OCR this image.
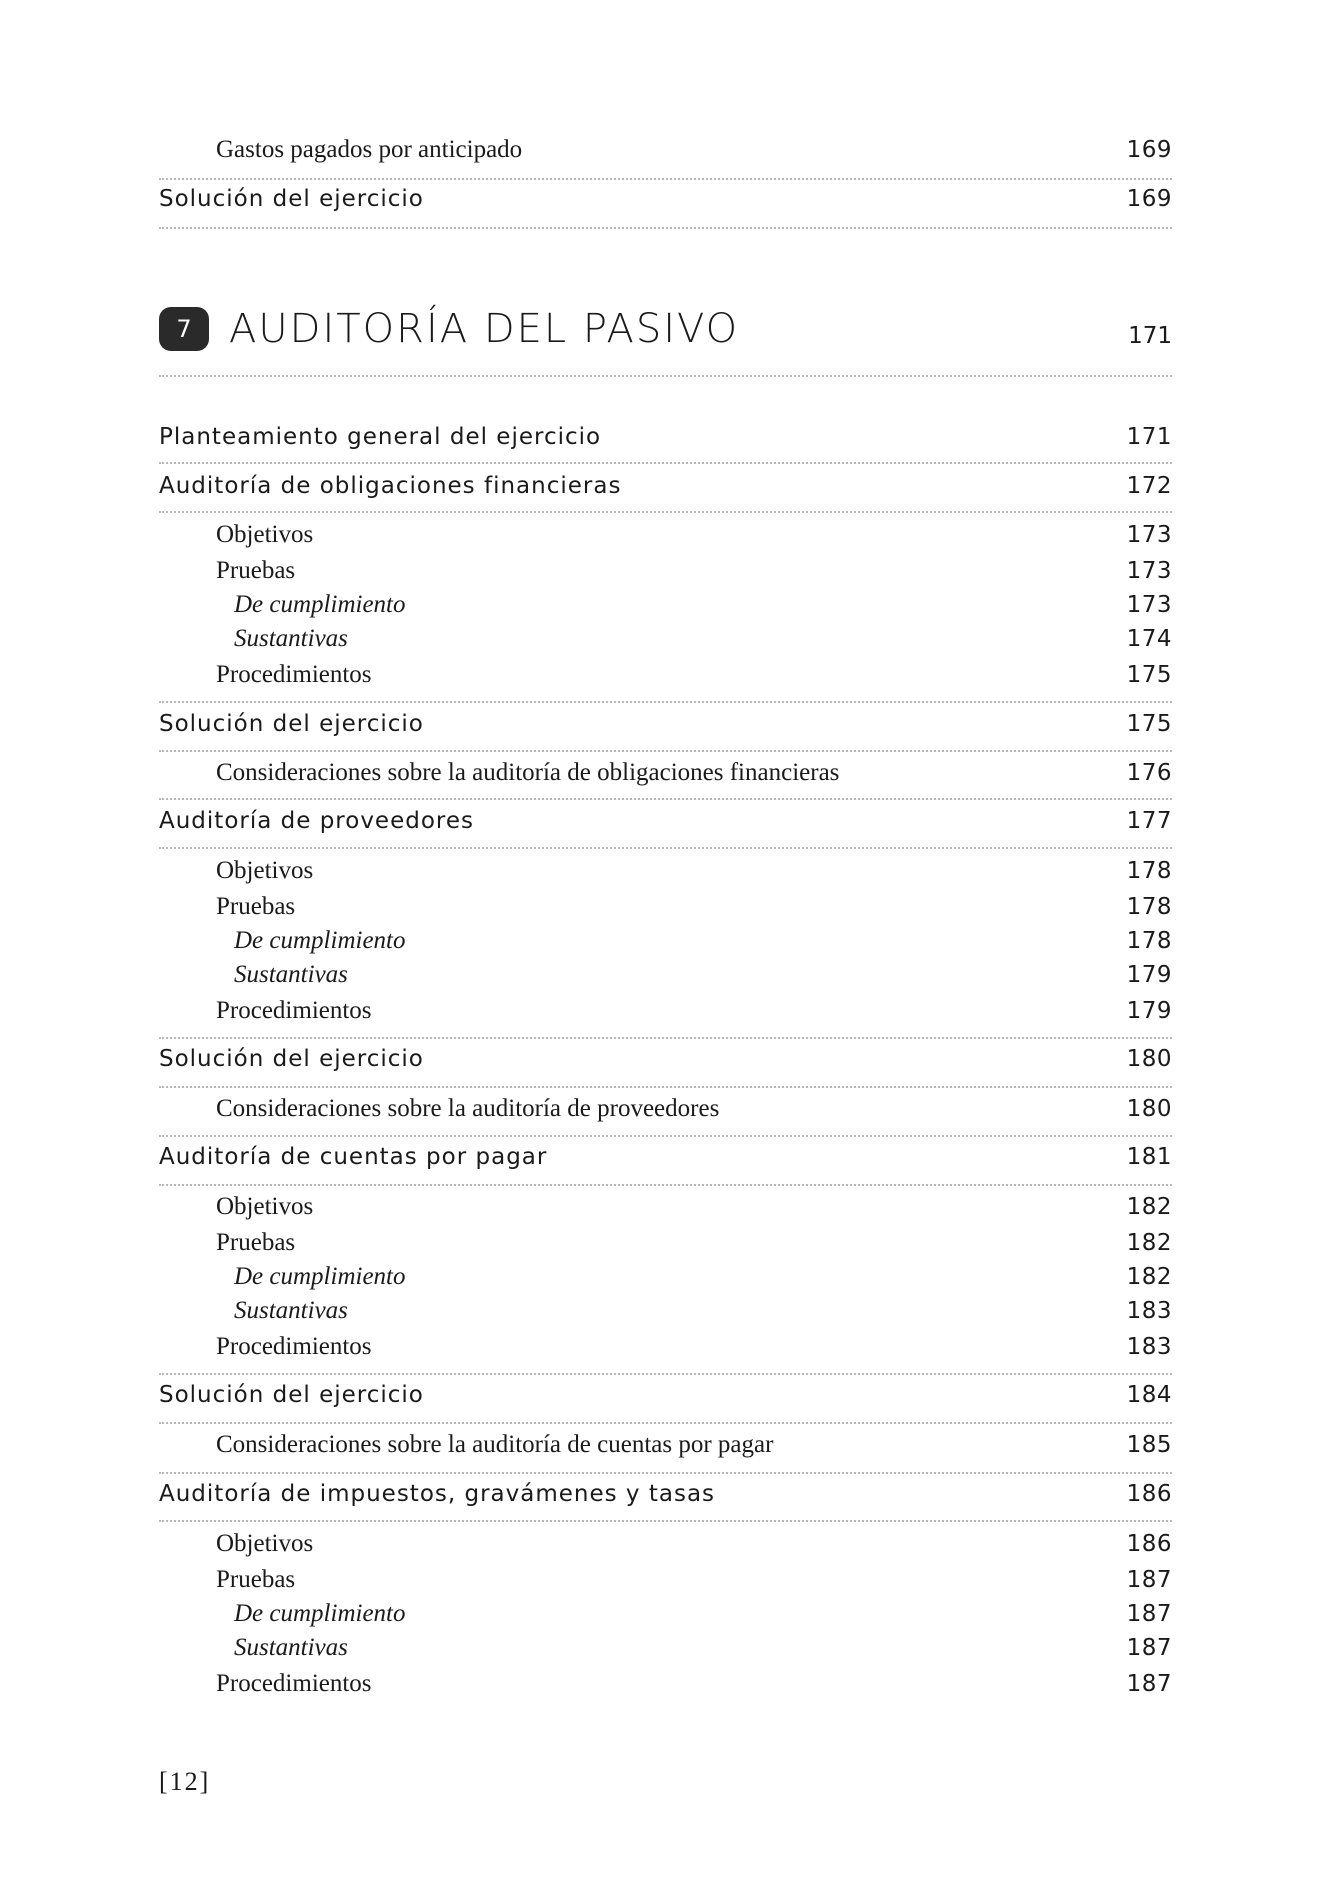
Gastos pagados por anticipado	169
Solución del ejercicio	169
7 AUDITORÍA DEL PASIVO	171
Planteamiento general del ejercicio	171
Auditoría de obligaciones financieras	172
Objetivos	173
Pruebas	173
De cumplimiento	173
Sustantivas	174
Procedimientos	175
Solución del ejercicio	175
Consideraciones sobre la auditoría de obligaciones financieras	176
Auditoría de proveedores	177
Objetivos	178
Pruebas	178
De cumplimiento	178
Sustantivas	179
Procedimientos	179
Solución del ejercicio	180
Consideraciones sobre la auditoría de proveedores	180
Auditoría de cuentas por pagar	181
Objetivos	182
Pruebas	182
De cumplimiento	182
Sustantivas	183
Procedimientos	183
Solución del ejercicio	184
Consideraciones sobre la auditoría de cuentas por pagar	185
Auditoría de impuestos, gravámenes y tasas	186
Objetivos	186
Pruebas	187
De cumplimiento	187
Sustantivas	187
Procedimientos	187
[12]
